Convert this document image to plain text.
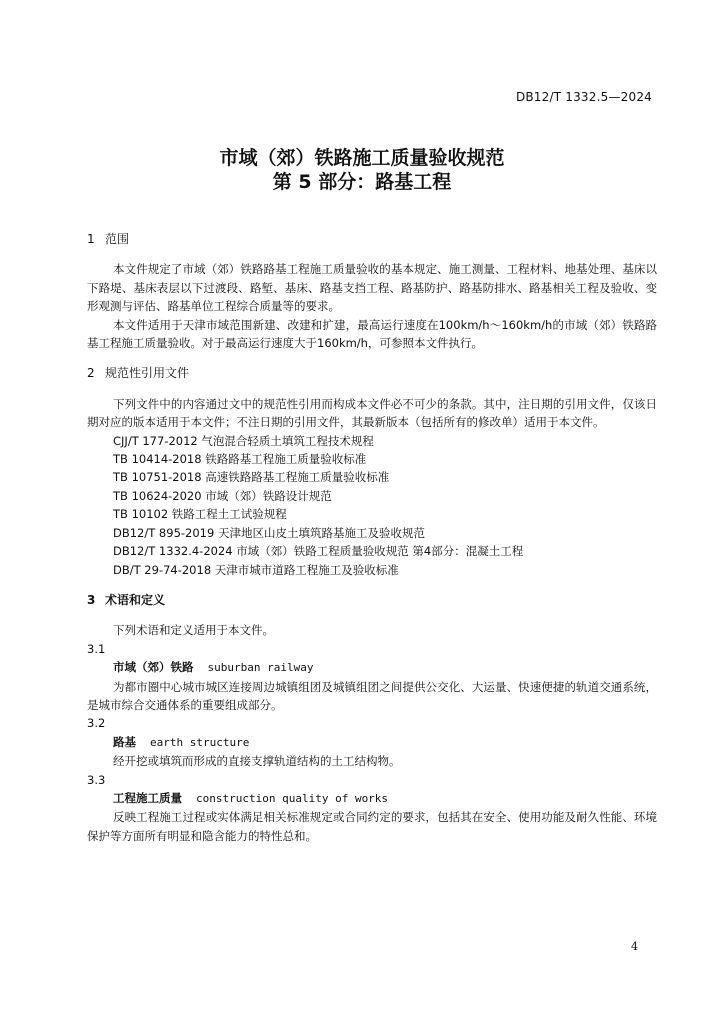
DB12/T 1332.5—2024
市域（郊）铁路施工质量验收规范
第 5 部分：路基工程

1 范围

本文件规定了市域（郊）铁路路基工程施工质量验收的基本规定、施工测量、工程材料、地基处理、基床以下路堤、基床表层以下过渡段、路堑、基床、路基支挡工程、路基防护、路基防排水、路基相关工程及验收、变形观测与评估、路基单位工程综合质量等的要求。

本文件适用于天津市域范围新建、改建和扩建，最高运行速度在100km/h～160km/h的市域（郊）铁路路基工程施工质量验收。对于最高运行速度大于160km/h，可参照本文件执行。

2 规范性引用文件

下列文件中的内容通过文中的规范性引用而构成本文件必不可少的条款。其中，注日期的引用文件，仅该日期对应的版本适用于本文件；不注日期的引用文件，其最新版本（包括所有的修改单）适用于本文件。

CJJ/T 177-2012 气泡混合轻质土填筑工程技术规程

TB 10414-2018 铁路路基工程施工质量验收标准

TB 10751-2018 高速铁路路基工程施工质量验收标准

TB 10624-2020 市域（郊）铁路设计规范

TB 10102 铁路工程土工试验规程

DB12/T 895-2019 天津地区山皮土填筑路基施工及验收规范

DB12/T 1332.4-2024 市域（郊）铁路工程质量验收规范 第4部分：混凝土工程

DB/T 29-74-2018 天津市城市道路工程施工及验收标准

3 术语和定义

下列术语和定义适用于本文件。

3.1

市域（郊）铁路 suburban railway

为都市圈中心城市城区连接周边城镇组团及城镇组团之间提供公交化、大运量、快速便捷的轨道交通系统，是城市综合交通体系的重要组成部分。

3.2

路基 earth structure

经开挖或填筑而形成的直接支撑轨道结构的土工结构物。

3.3

工程施工质量 construction quality of works

反映工程施工过程或实体满足相关标准规定或合同约定的要求，包括其在安全、使用功能及耐久性能、环境保护等方面所有明显和隐含能力的特性总和。

4
